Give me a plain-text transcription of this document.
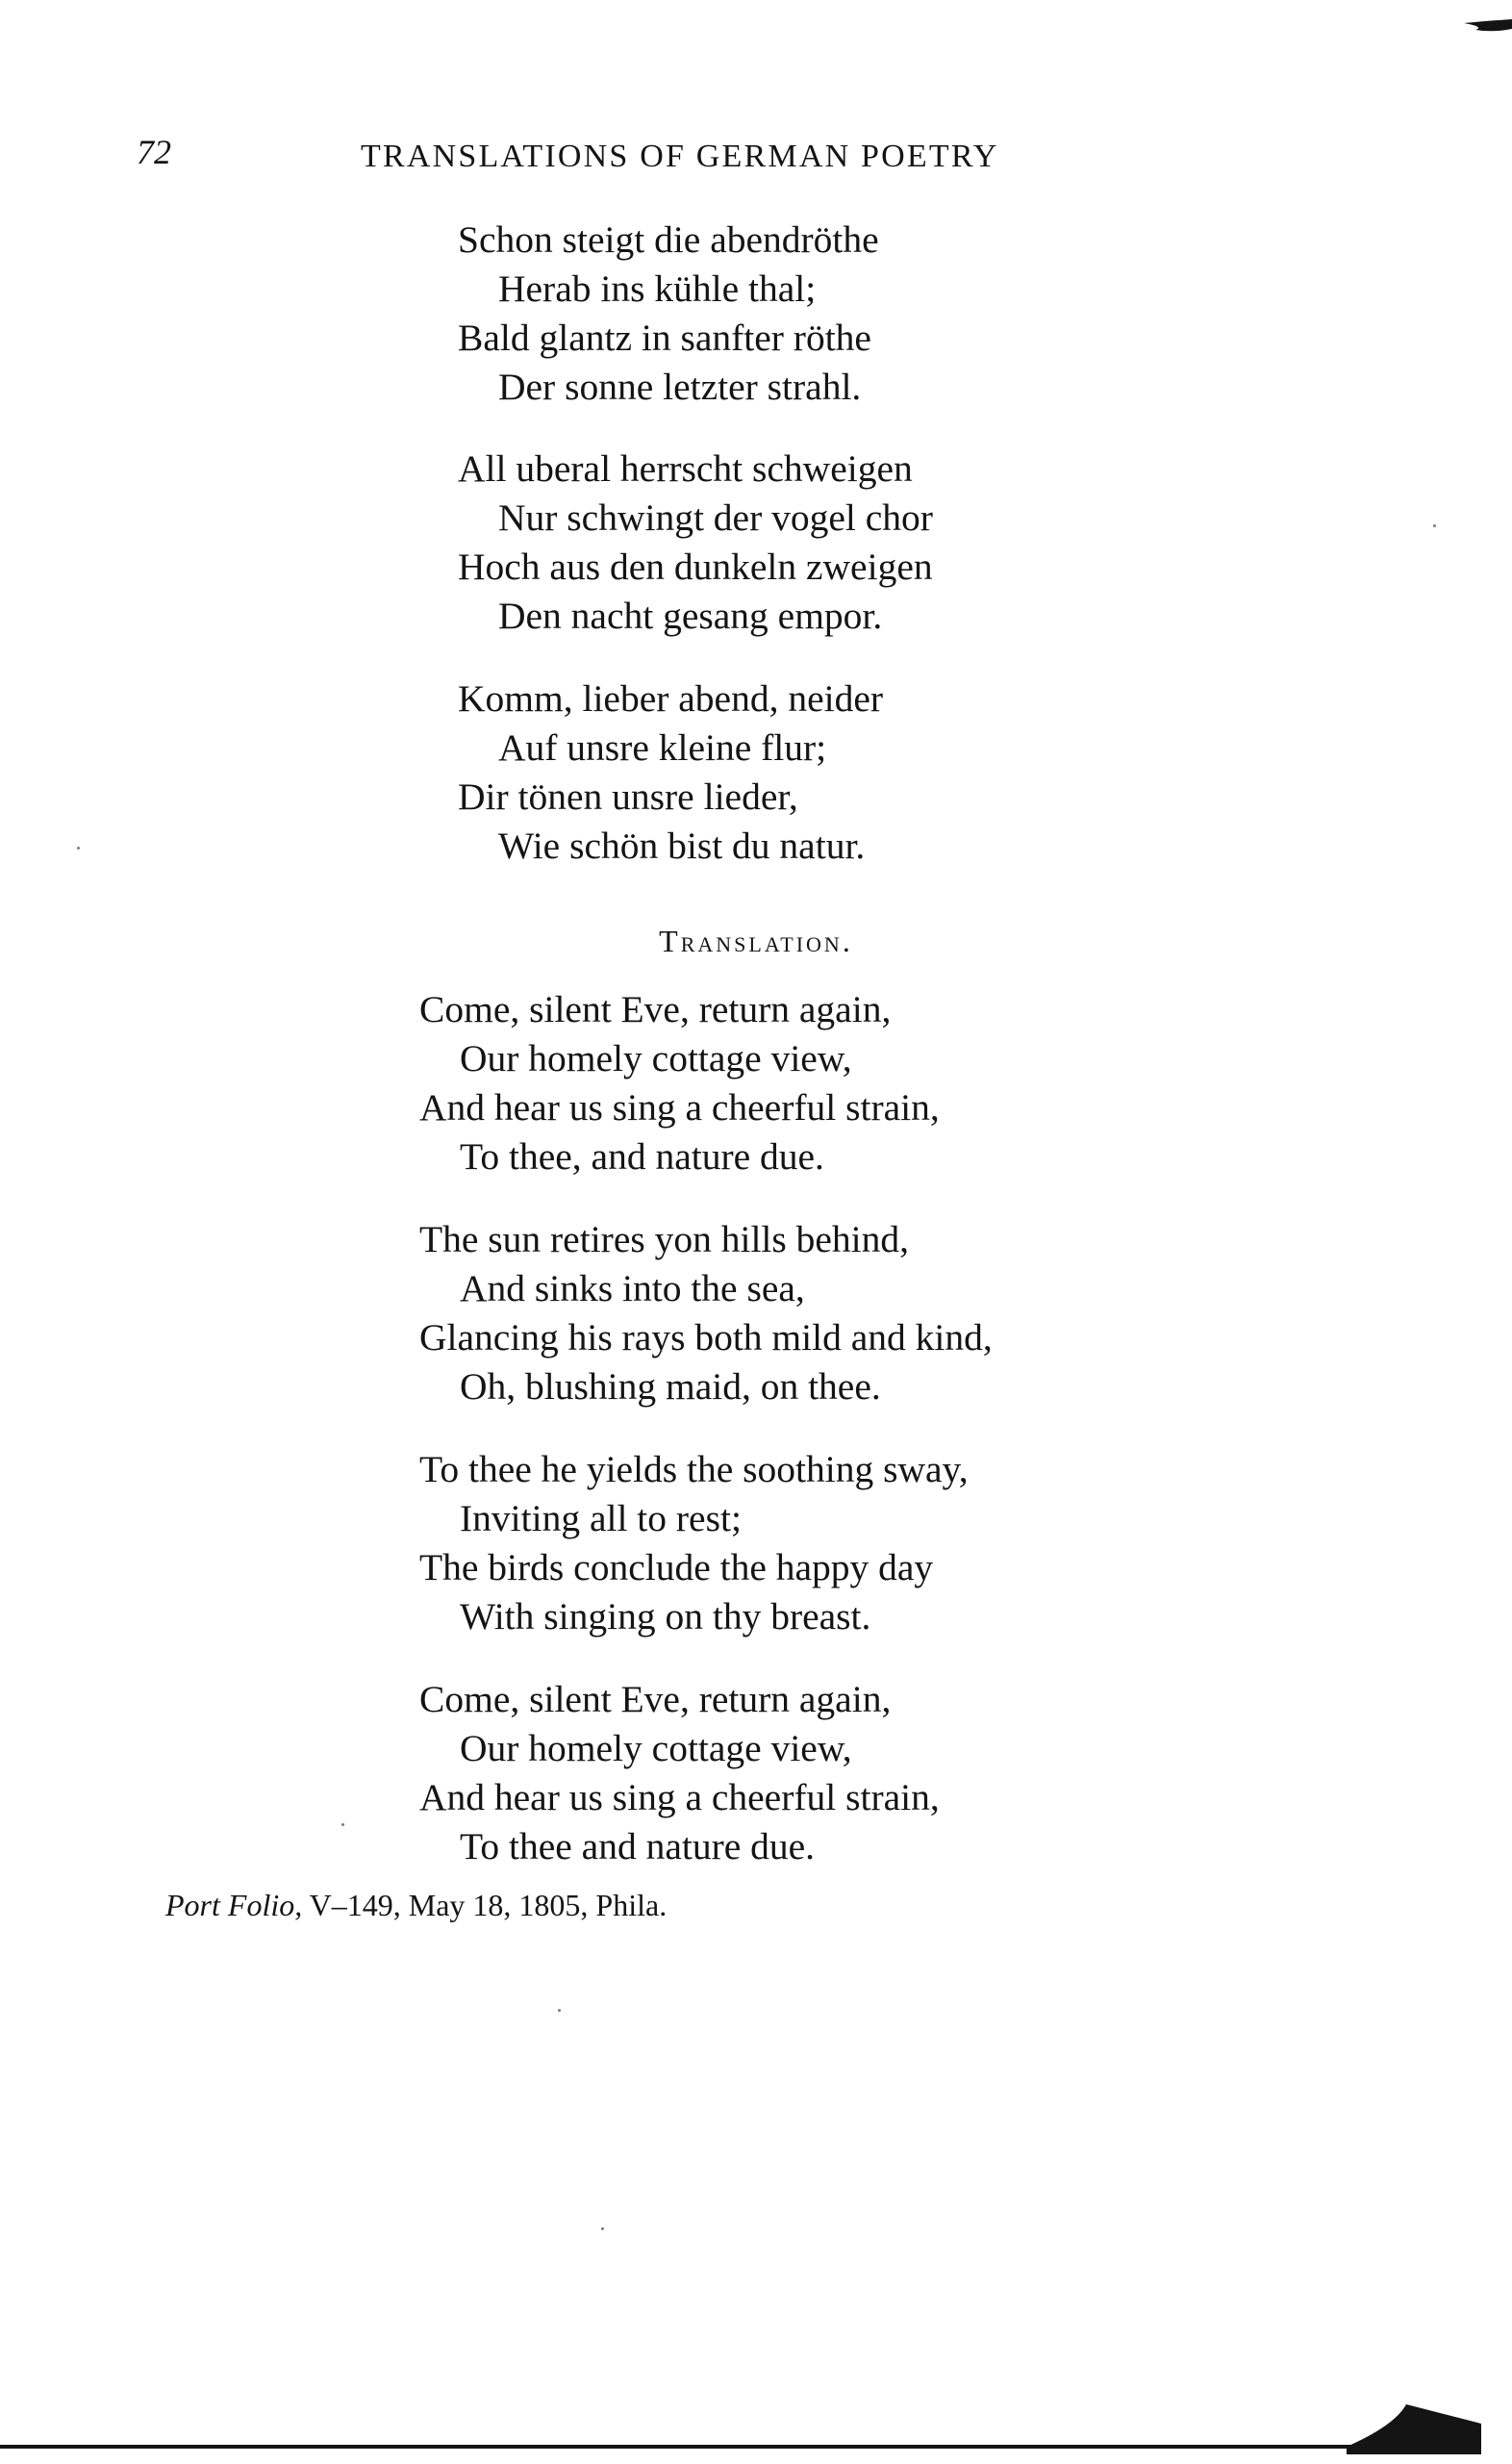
72	TRANSLATIONS OF GERMAN POETRY
Schon steigt die abendröthe
Herab ins kühle thal;
Bald glantz in sanfter röthe
Der sonne letzter strahl.
All uberal herrscht schweigen
Nur schwingt der vogel chor
Hoch aus den dunkeln zweigen
Den nacht gesang empor.
Komm, lieber abend, neider
Auf unsre kleine flur;
Dir tönen unsre lieder,
Wie schön bist du natur.
Translation.
Come, silent Eve, return again,
Our homely cottage view,
And hear us sing a cheerful strain,
To thee, and nature due.
The sun retires yon hills behind,
And sinks into the sea,
Glancing his rays both mild and kind,
Oh, blushing maid, on thee.
To thee he yields the soothing sway,
Inviting all to rest;
The birds conclude the happy day
With singing on thy breast.
Come, silent Eve, return again,
Our homely cottage view,
And hear us sing a cheerful strain,
To thee and nature due.
Port Folio, V–149, May 18, 1805, Phila.
